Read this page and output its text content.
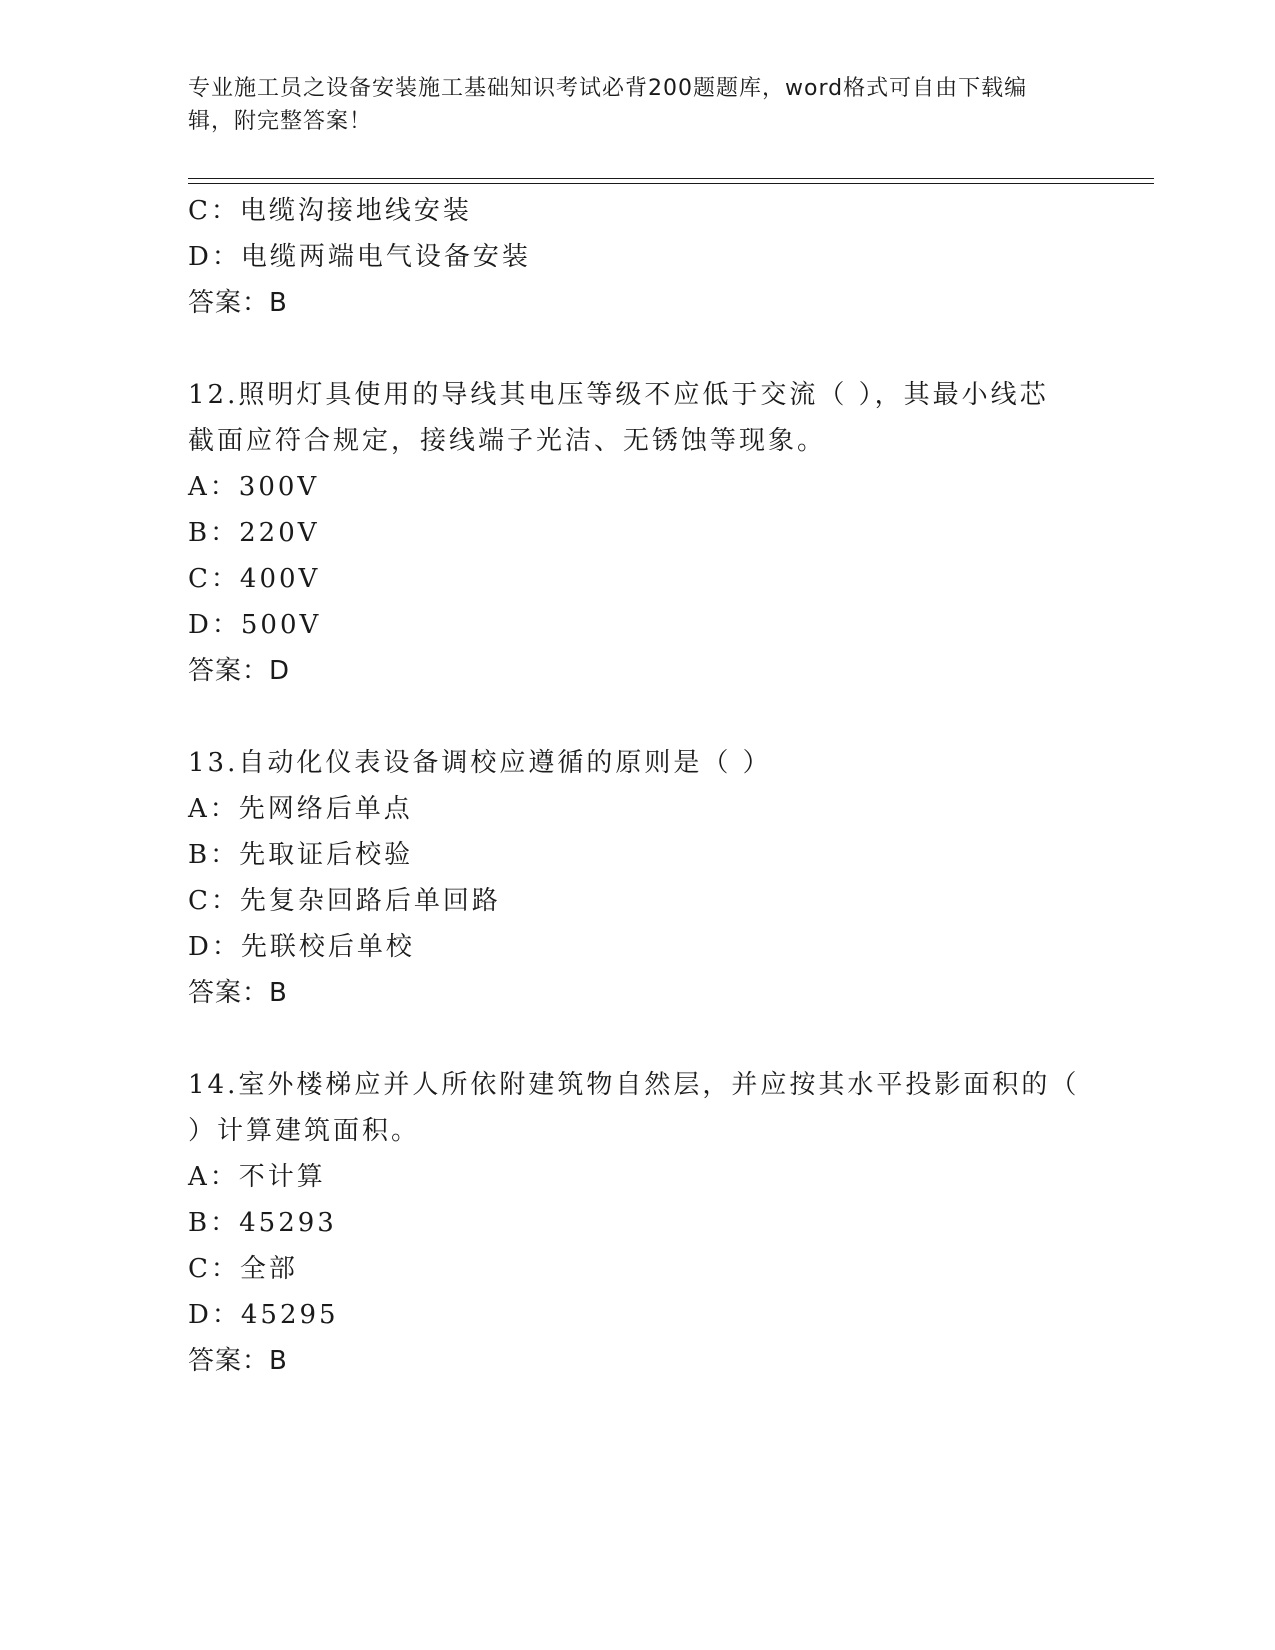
专业施工员之设备安装施工基础知识考试必背200题题库，word格式可自由下载编辑，附完整答案！
C：电缆沟接地线安装
D：电缆两端电气设备安装
答案：B
12.照明灯具使用的导线其电压等级不应低于交流（ ），其最小线芯
截面应符合规定，接线端子光洁、无锈蚀等现象。
A：300V
B：220V
C：400V
D：500V
答案：D
13.自动化仪表设备调校应遵循的原则是（ ）
A：先网络后单点
B：先取证后校验
C：先复杂回路后单回路
D：先联校后单校
答案：B
14.室外楼梯应并人所依附建筑物自然层，并应按其水平投影面积的（
）计算建筑面积。
A：不计算
B：45293
C：全部
D：45295
答案：B
